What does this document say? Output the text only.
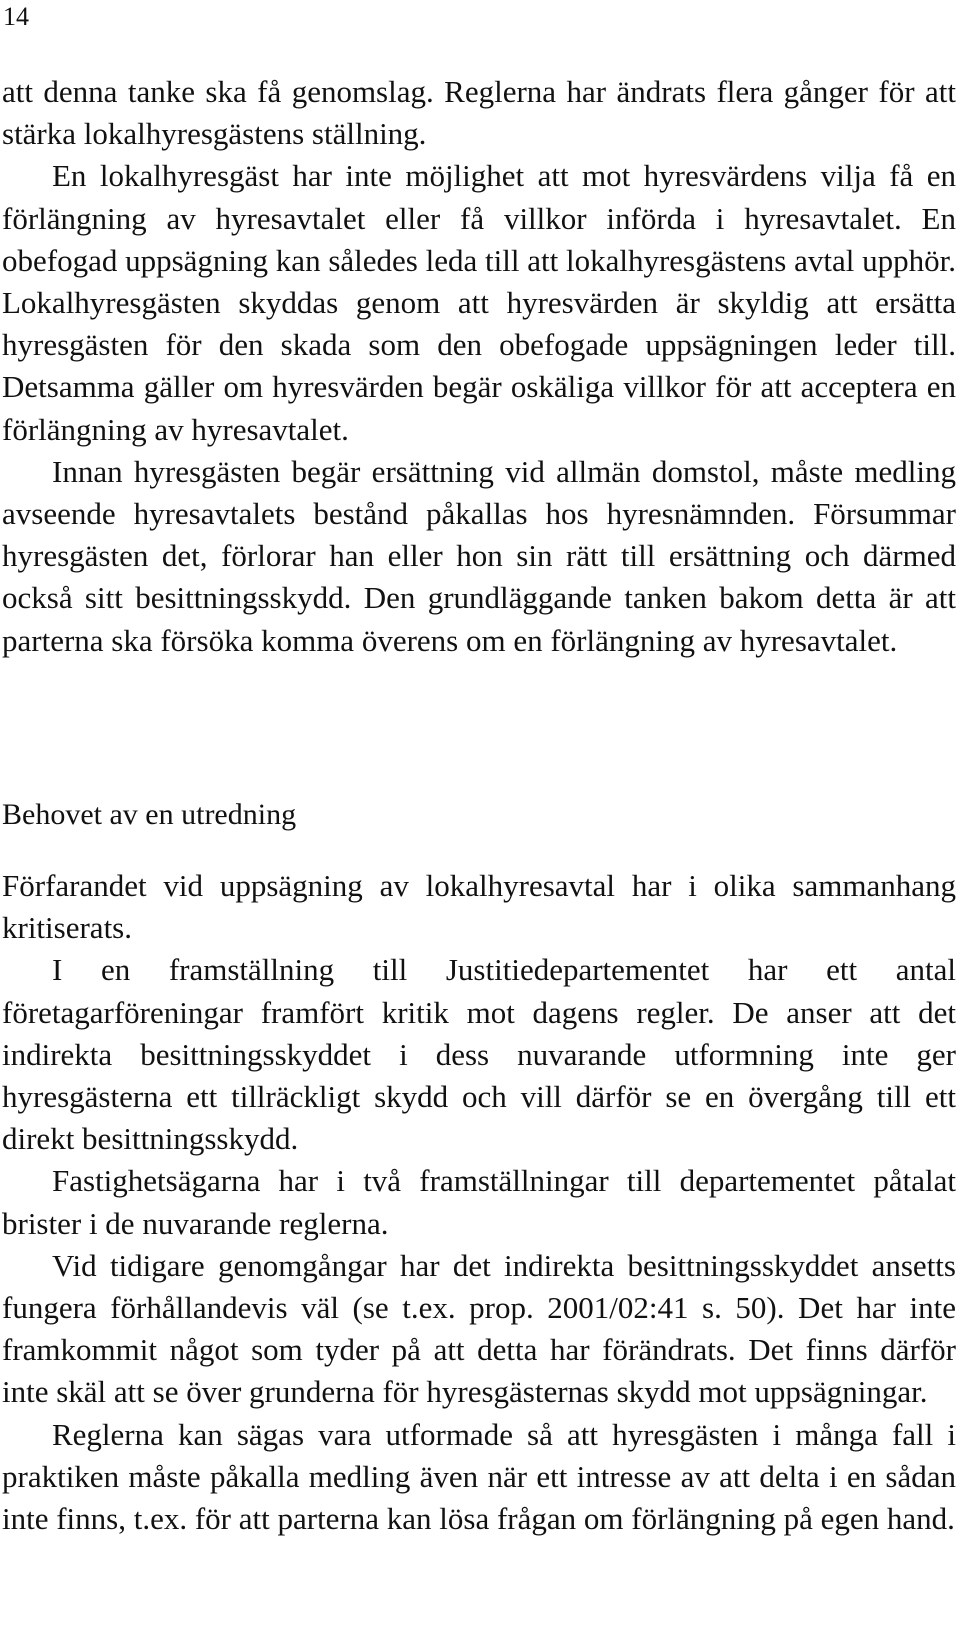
14

att denna tanke ska få genomslag. Reglerna har ändrats flera gånger för att stärka lokalhyresgästens ställning.

En lokalhyresgäst har inte möjlighet att mot hyresvärdens vilja få en förlängning av hyresavtalet eller få villkor införda i hyresavtalet. En obefogad uppsägning kan således leda till att lokalhyresgästens avtal upphör. Lokalhyresgästen skyddas genom att hyresvärden är skyldig att ersätta hyresgästen för den skada som den obefogade uppsägningen leder till. Detsamma gäller om hyresvärden begär oskäliga villkor för att acceptera en förlängning av hyresavtalet.

Innan hyresgästen begär ersättning vid allmän domstol, måste medling avseende hyresavtalets bestånd påkallas hos hyresnämnden. Försummar hyresgästen det, förlorar han eller hon sin rätt till ersättning och därmed också sitt besittningsskydd. Den grundläggande tanken bakom detta är att parterna ska försöka komma överens om en förlängning av hyresavtalet.

Behovet av en utredning

Förfarandet vid uppsägning av lokalhyresavtal har i olika sammanhang kritiserats.

I en framställning till Justitiedepartementet har ett antal företagarföreningar framfört kritik mot dagens regler. De anser att det indirekta besittningsskyddet i dess nuvarande utformning inte ger hyresgästerna ett tillräckligt skydd och vill därför se en övergång till ett direkt besittningsskydd.

Fastighetsägarna har i två framställningar till departementet påtalat brister i de nuvarande reglerna.

Vid tidigare genomgångar har det indirekta besittningsskyddet ansetts fungera förhållandevis väl (se t.ex. prop. 2001/02:41 s. 50). Det har inte framkommit något som tyder på att detta har förändrats. Det finns därför inte skäl att se över grunderna för hyresgästernas skydd mot uppsägningar.

Reglerna kan sägas vara utformade så att hyresgästen i många fall i praktiken måste påkalla medling även när ett intresse av att delta i en sådan inte finns, t.ex. för att parterna kan lösa frågan om förlängning på egen hand.
